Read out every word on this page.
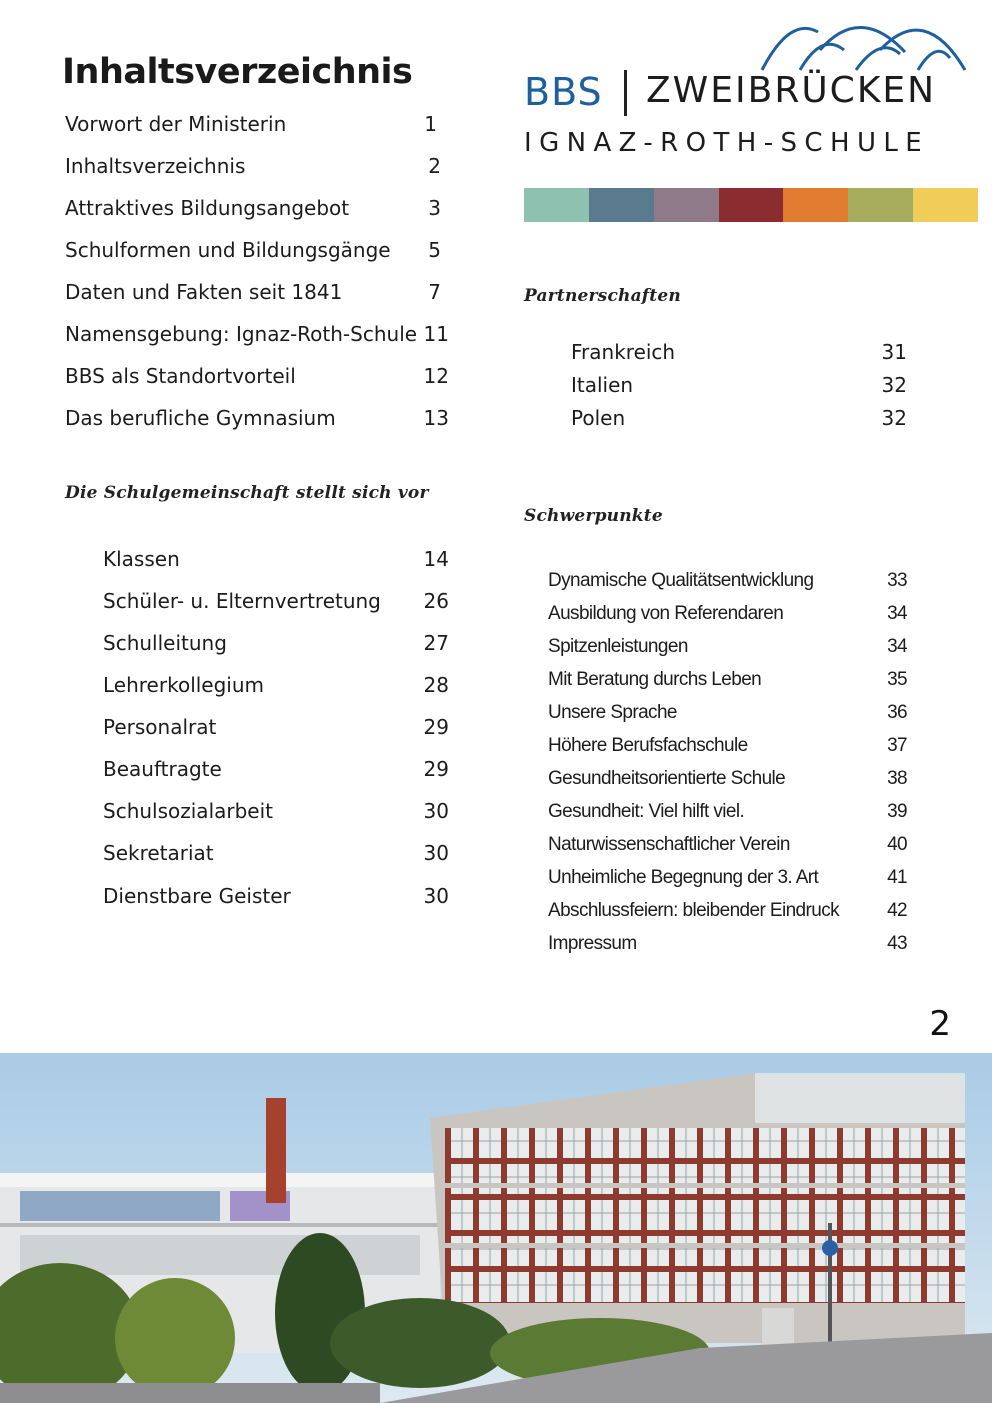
Inhaltsverzeichnis
Vorwort der Ministerin	1
Inhaltsverzeichnis	2
Attraktives Bildungsangebot	3
Schulformen und Bildungsgänge 5
Daten und Fakten seit 1841	7
Namensgebung: Ignaz-Roth-Schule 11
BBS als Standortvorteil	12
Das berufliche Gymnasium	13
Die Schulgemeinschaft stellt sich vor
Klassen	14
Schüler- u. Elternvertretung 26
Schulleitung	27
Lehrerkollegium	28
Personalrat	29
Beauftragte	29
Schulsozialarbeit	30
Sekretariat	30
Dienstbare Geister	30
BBS ZWEIBRÜCKEN
IGNAZ-ROTH-SCHULE
Partnerschaften
Frankreich	31
Italien	32
Polen	32
Schwerpunkte
Dynamische Qualitätsentwicklung	33
Ausbildung von Referendaren	34
Spitzenleistungen	34
Mit Beratung durchs Leben	35
Unsere Sprache	36
Höhere Berufsfachschule	37
Gesundheitsorientierte Schule	38
Gesundheit: Viel hilft viel.	39
Naturwissenschaftlicher Verein	40
Unheimliche Begegnung der 3. Art	41
Abschlussfeiern: bleibender Eindruck	42
Impressum	43
2
